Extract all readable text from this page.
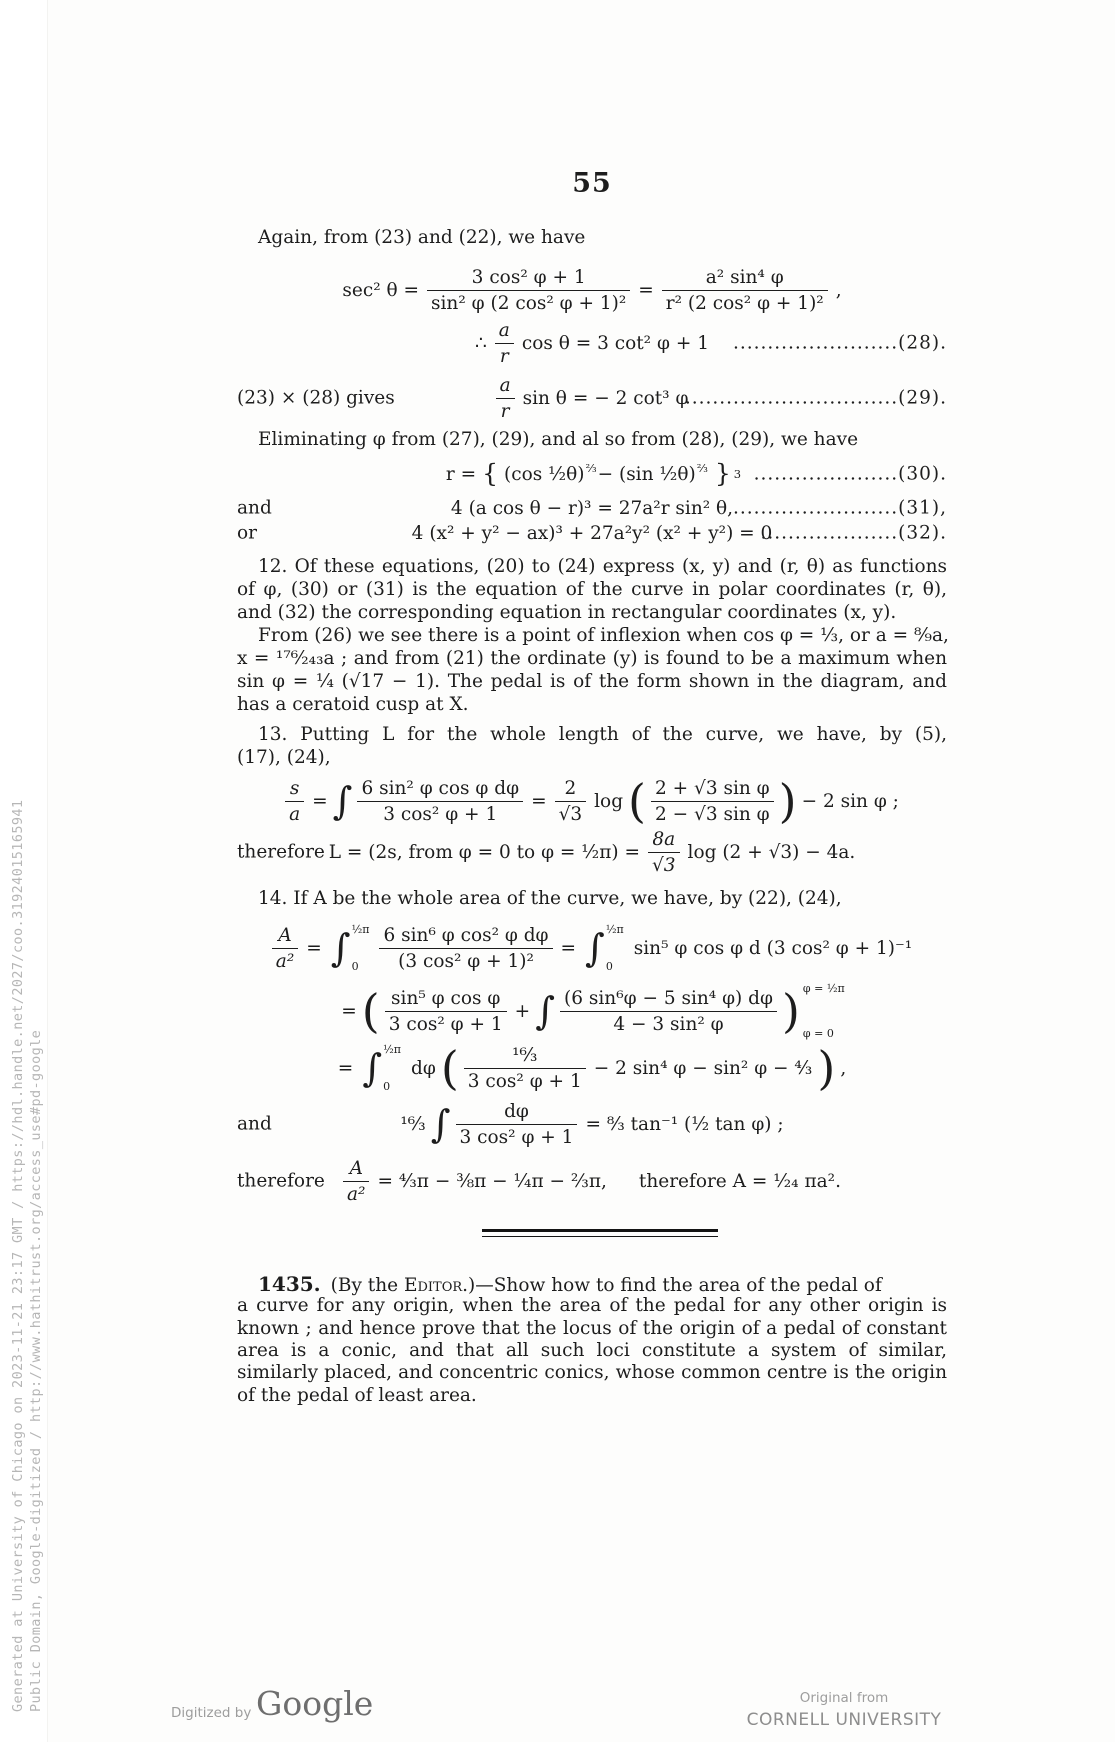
Generated at University of Chicago on 2023-11-21 23:17 GMT / https://hdl.handle.net/2027/coo.31924015165941 Public Domain, Google-digitized / http://www.hathitrust.org/access_use#pd-google
55
Again, from (23) and (22), we have
sec² $\theta = \frac{\text{3 cos² φ + 1}}{\text{sin² φ (2 cos² φ + 1)²}} = \frac{\text{a² sin⁴ φ}}{\text{r² (2 cos² φ + 1)²}}$ ,
∴ $\frac{a}{r}$ cos θ = 3 cot² φ + 1 ........................(28).
(23) × (28) gives	$\frac{a}{r}$ sin θ = − 2 cot³ φ
...............................(29).
Eliminating φ from (27), (29), and al so from (28), (29), we have
r = { (cos ½θ)$^{\frac{2}{3}}$− (sin ½θ)$^{\frac{2}{3}}$ } 3 .....................(30).
and	4 (a cos θ − r)³ = 27a²r sin² θ, ........................(31),
or	4 (x² + y² − ax)³ + 27a²y² (x² + y²) = 0
....................(32).
12. Of these equations, (20) to (24) express (x, y) and (r, θ) as functions
of φ, (30) or (31) is the equation of the curve in polar coordinates (r, θ),
and (32) the corresponding equation in rectangular coordinates (x, y).
From (26) we see there is a point of inflexion when cos φ = ⅓, or a = ⁸⁄₉a,
x = ¹⁷⁶⁄₂₄₃a ; and from (21) the ordinate (y) is found to be a maximum when
sin φ = ¼ (√17 − 1). The pedal is of the form shown in the diagram, and
has a ceratoid cusp at X.
13. Putting L for the whole length of the curve, we have, by (5),
(17), (24),
$\frac{s}{a}$ = ∫ $\frac{\text{6 sin² φ cos φ dφ}}{\text{3 cos² φ + 1}} = \frac{2}{√3}$ log ( $\frac{\text{2 + √3 sin φ}}{\text{2 − √3 sin φ}}$ ) − 2 sin φ ;
therefore L = (2s, from φ = 0 to φ = ½π) = $\frac{8a}{√3}$ log (2 + √3) − 4a.
14. If A be the whole area of the curve, we have, by (22), (24),
$\frac{A}{\text{a²}}$ = ∫ ½π
$0 \frac{\text{6 sin⁶ φ cos² φ dφ}}{\text{(3 cos² φ + 1)²}}$ = ∫ ½π
0
sin⁵ φ cos φ d (3 cos² φ + 1)⁻¹
= ( $\frac{\text{sin⁵ φ cos φ}}{\text{3 cos² φ + 1}}$ + ∫ $\frac{\text{(6 sin⁶φ − 5 sin⁴ φ) dφ}}{\text{4 − 3 sin² φ}}$ ) φ = ½π
φ = 0
= ∫ ½π
0
dφ (	¹⁶⁄₃
3 cos² φ + 1
− 2 sin⁴ φ − sin² φ − ⁴⁄₃ ) ,
and	¹⁶⁄₃ ∫ $\frac{d\varphi}{\text{3 cos² φ + 1}}$ = ⁸⁄₃ tan⁻¹ (½ tan φ) ;
therefore $\frac{A}{\text{a²}}$ = ⁴⁄₃π − ⅜π − ¼π − ⅔π, therefore A = ¹⁄₂₄ πa².
1435. (By the Editor.)—Show how to find the area of the pedal of
a curve for any origin, when the area of the pedal for any other origin is
known ; and hence prove that the locus of the origin of a pedal of constant
area is a conic, and that all such loci constitute a system of similar,
similarly placed, and concentric conics, whose common centre is the origin
of the pedal of least area.
Digitized by Google	Original from
CORNELL UNIVERSITY
